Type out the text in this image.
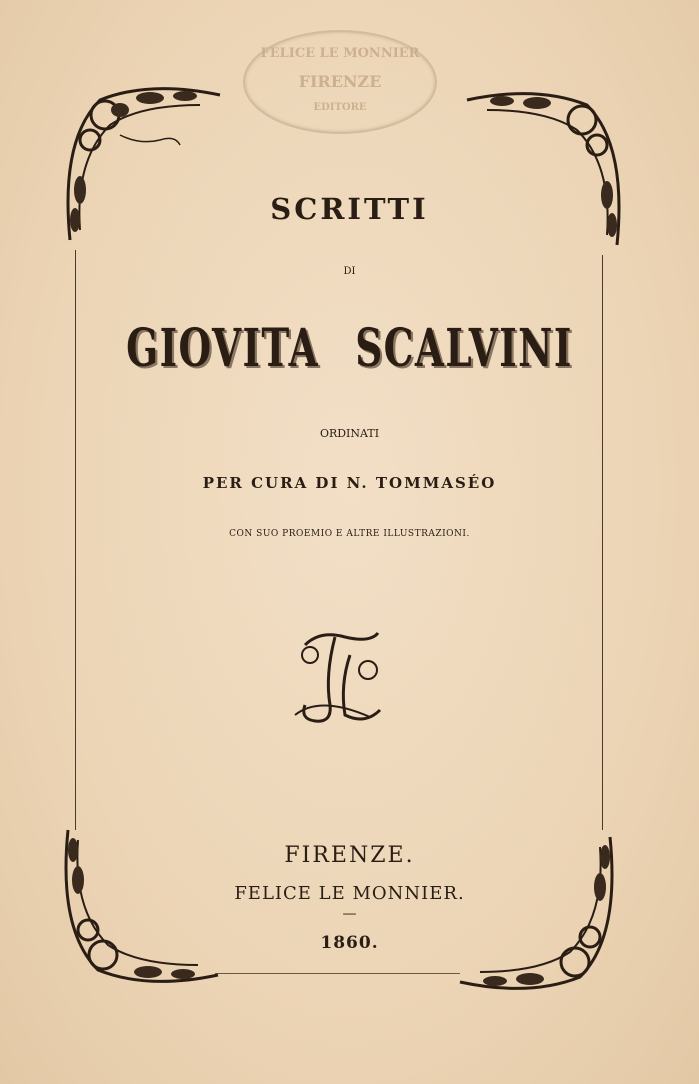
FELICE LE MONNIER
FIRENZE
EDITORE
SCRITTI
DI
GIOVITA SCALVINI
ORDINATI
PER CURA DI N. TOMMASÉO
CON SUO PROEMIO E ALTRE ILLUSTRAZIONI.
FIRENZE.
FELICE LE MONNIER.
—
1860.
